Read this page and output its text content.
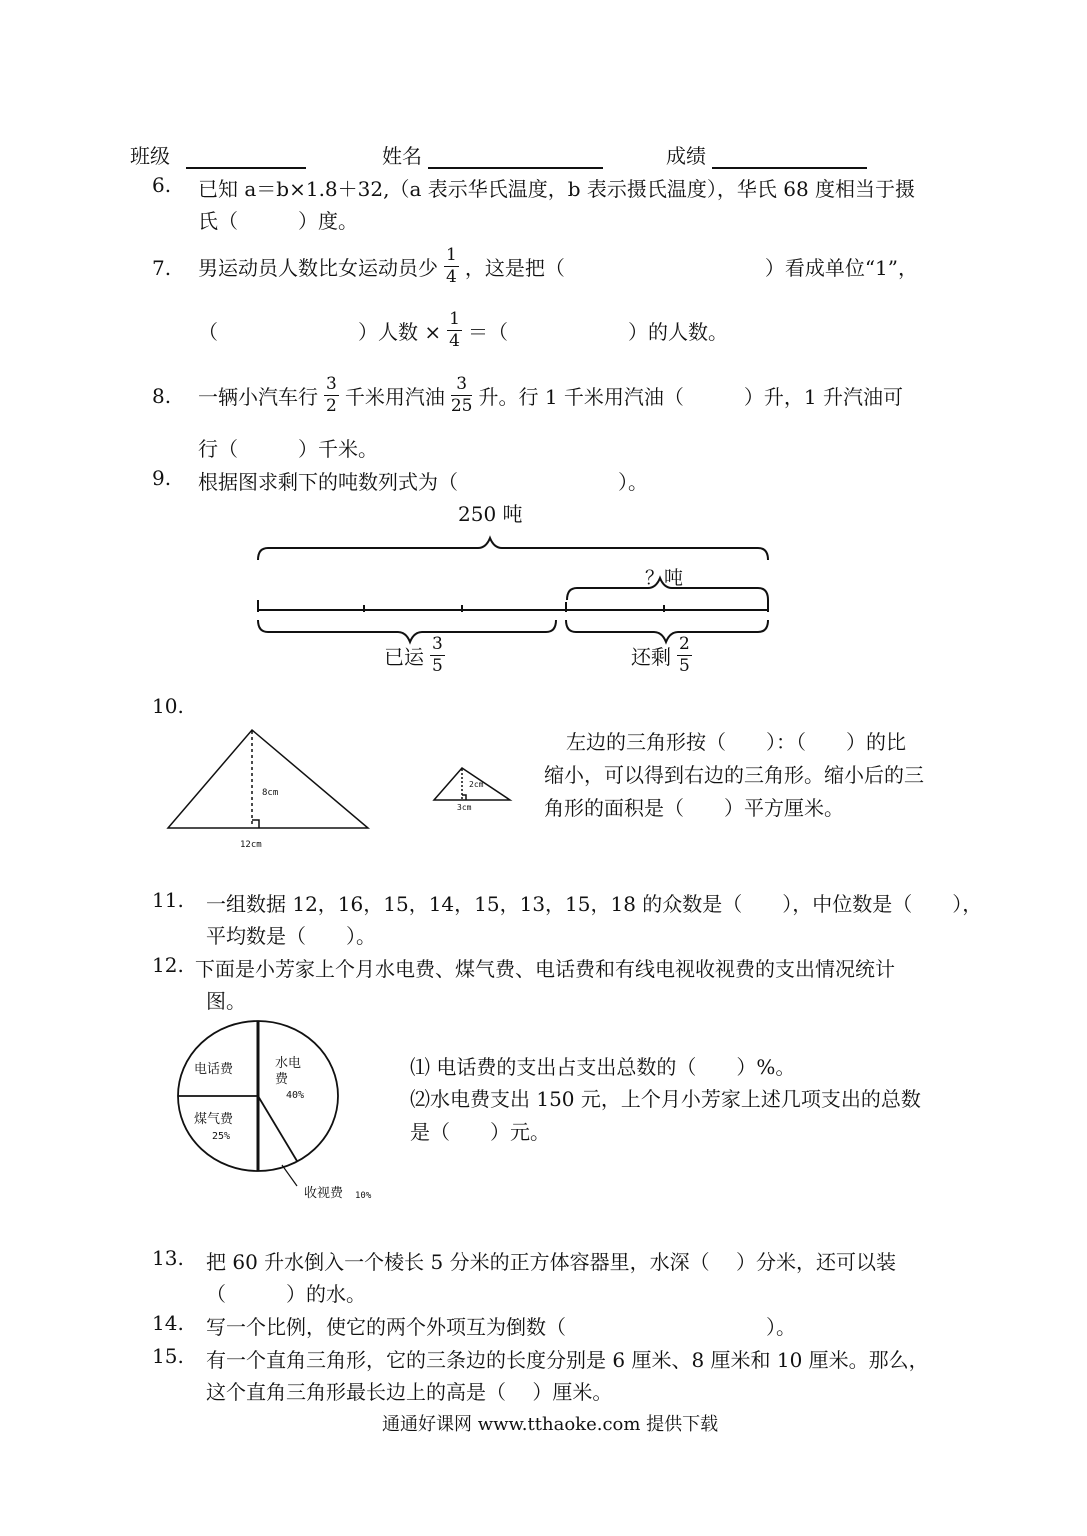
班级	姓名	成绩
6. 已知 a＝b×1.8＋32,（a 表示华氏温度，b 表示摄氏温度），华氏 68 度相当于摄
氏（　　　）度。
7. 男运动员人数比女运动员少 $\frac{1}{4}$ ，这是把（　　　　　　　　　　）看成单位“1”，
（　　　　　　　）人数 × $\frac{1}{4}$ ＝（　　　　　　）的人数。
8. 一辆小汽车行 $\frac{3}{2}$ 千米用汽油 $\frac{3}{25}$ 升。行 1 千米用汽油（　　　）升，1 升汽油可
行（　　　）千米。
9. 根据图求剩下的吨数列式为（　　　　　　　　）。
250 吨
？吨
已运 $\frac{3}{5}$	还剩 $\frac{2}{5}$
10.
8cm
12cm
2cm
3cm
左边的三角形按（　　）：（　　）的比
缩小，可以得到右边的三角形。缩小后的三
角形的面积是（　　）平方厘米。
11. 一组数据 12，16，15，14，15，13，15，18 的众数是（　　），中位数是（　　），
平均数是（　　）。
12. 下面是小芳家上个月水电费、煤气费、电话费和有线电视收视费的支出情况统计
图。
电话费	水电
费
40%
煤气费
25%
收视费 10%
⑴ 电话费的支出占支出总数的（　　）%。
⑵水电费支出 150 元，上个月小芳家上述几项支出的总数
是（　　）元。
13. 把 60 升水倒入一个棱长 5 分米的正方体容器里，水深（　 ）分米，还可以装
（　　　）的水。
14. 写一个比例，使它的两个外项互为倒数（　　　　　　　　　　）。
15. 有一个直角三角形，它的三条边的长度分别是 6 厘米、8 厘米和 10 厘米。那么，
这个直角三角形最长边上的高是（　 ）厘米。
通通好课网 www.tthaoke.com 提供下载
